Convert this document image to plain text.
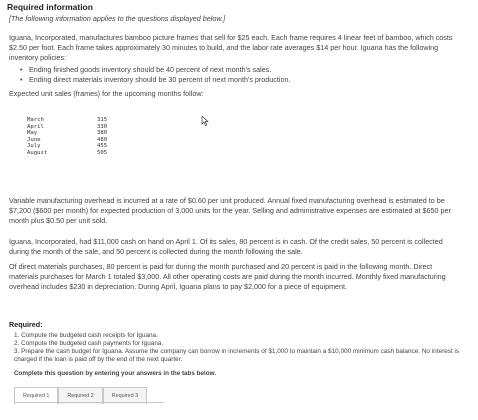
Required information
[The following information applies to the questions displayed below.]
Iguana, Incorporated, manufactures bamboo picture frames that sell for $25 each. Each frame requires 4 linear feet of bamboo, which costs $2.50 per foot. Each frame takes approximately 30 minutes to build, and the labor rate averages $14 per hour. Iguana has the following inventory policies:
• Ending finished goods inventory should be 40 percent of next month's sales.
• Ending direct materials inventory should be 30 percent of next month's production.
Expected unit sales (frames) for the upcoming months follow:
March	315
April	330
May	380
June	480
July	455
August	505
Variable manufacturing overhead is incurred at a rate of $0.60 per unit produced. Annual fixed manufacturing overhead is estimated to be $7,200 ($600 per month) for expected production of 3,000 units for the year. Selling and administrative expenses are estimated at $650 per month plus $0.50 per unit sold.
Iguana, Incorporated, had $11,000 cash on hand on April 1. Of its sales, 80 percent is in cash. Of the credit sales, 50 percent is collected during the month of the sale, and 50 percent is collected during the month following the sale.
Of direct materials purchases, 80 percent is paid for during the month purchased and 20 percent is paid in the following month. Direct materials purchases for March 1 totaled $3,000. All other operating costs are paid during the month incurred. Monthly fixed manufacturing overhead includes $230 in depreciation. During April, Iguana plans to pay $2,000 for a piece of equipment.
Required:
1. Compute the budgeted cash receipts for Iguana.
2. Compute the budgeted cash payments for Iguana.
3. Prepare the cash budget for Iguana. Assume the company can borrow in increments of $1,000 to maintain a $10,000 minimum cash balance. No interest is charged if the loan is paid off by the end of the next quarter.
Complete this question by entering your answers in the tabs below.
Required 1	Required 2	Required 3
